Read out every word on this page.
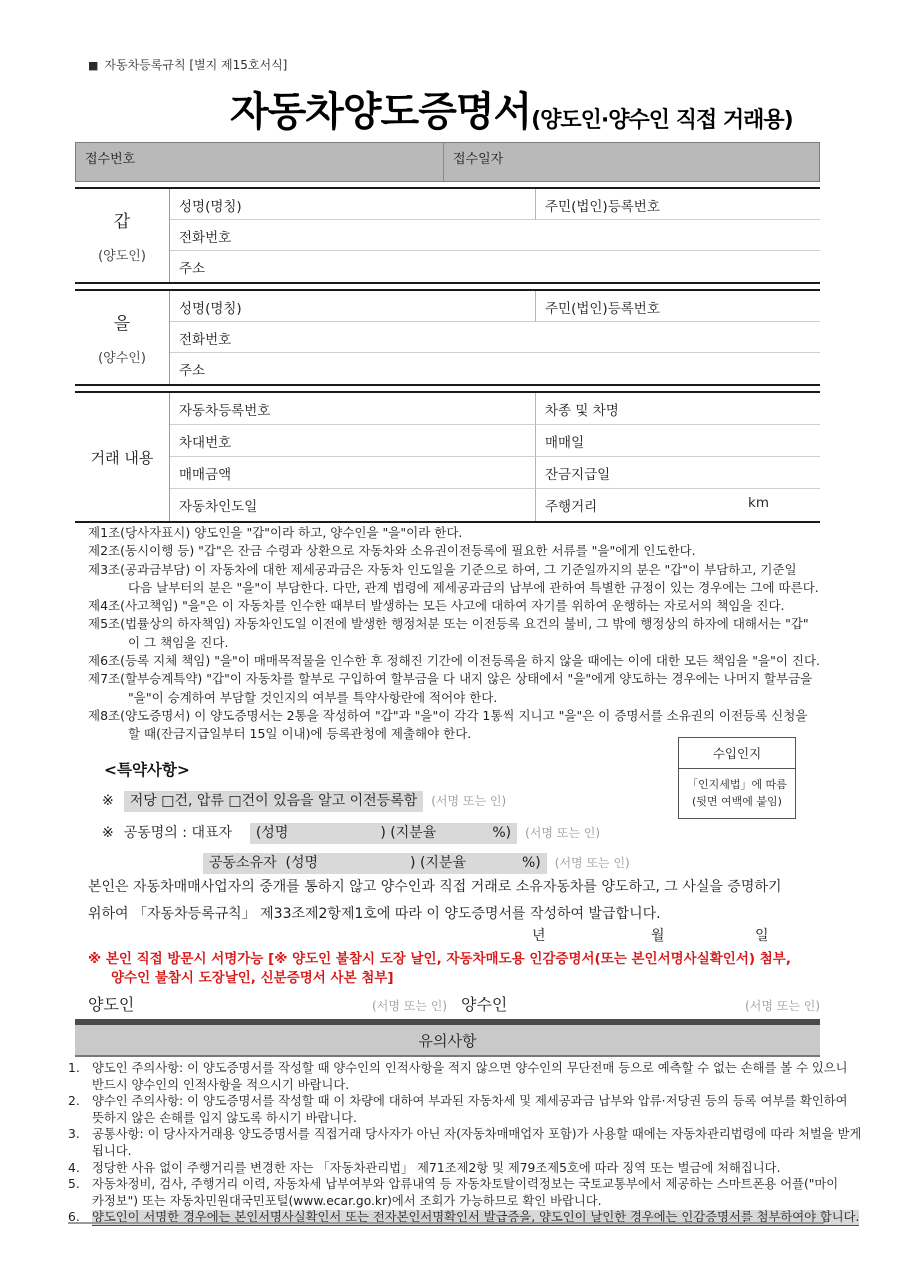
■ 자동차등록규칙 [별지 제15호서식]
자동차양도증명서 (양도인·양수인 직접 거래용)
접수번호	접수일자
갑
(양도인)
성명(명칭)	주민(법인)등록번호
전화번호
주소
을
(양수인)
성명(명칭)	주민(법인)등록번호
전화번호
주소
거래 내용
자동차등록번호	차종 및 차명
차대번호	매매일
매매금액	잔금지급일
자동차인도일	주행거리	km
제1조(당사자표시) 양도인을 "갑"이라 하고, 양수인을 "을"이라 한다.
제2조(동시이행 등) "갑"은 잔금 수령과 상환으로 자동차와 소유권이전등록에 필요한 서류를 "을"에게 인도한다.
제3조(공과금부담) 이 자동차에 대한 제세공과금은 자동차 인도일을 기준으로 하여, 그 기준일까지의 분은 "갑"이 부담하고, 기준일
다음 날부터의 분은 "을"이 부담한다. 다만, 관계 법령에 제세공과금의 납부에 관하여 특별한 규정이 있는 경우에는 그에 따른다.
제4조(사고책임) "을"은 이 자동차를 인수한 때부터 발생하는 모든 사고에 대하여 자기를 위하여 운행하는 자로서의 책임을 진다.
제5조(법률상의 하자책임) 자동차인도일 이전에 발생한 행정처분 또는 이전등록 요건의 불비, 그 밖에 행정상의 하자에 대해서는 "갑"
이 그 책임을 진다.
제6조(등록 지체 책임) "을"이 매매목적물을 인수한 후 정해진 기간에 이전등록을 하지 않을 때에는 이에 대한 모든 책임을 "을"이 진다.
제7조(할부승계특약) "갑"이 자동차를 할부로 구입하여 할부금을 다 내지 않은 상태에서 "을"에게 양도하는 경우에는 나머지 할부금을
"을"이 승계하여 부담할 것인지의 여부를 특약사항란에 적어야 한다.
제8조(양도증명서) 이 양도증명서는 2통을 작성하여 "갑"과 "을"이 각각 1통씩 지니고 "을"은 이 증명서를 소유권의 이전등록 신청을
할 때(잔금지급일부터 15일 이내)에 등록관청에 제출해야 한다.
수입인지
「인지세법」에 따름
(뒷면 여백에 붙임)
<특약사항>
※ 저당 □건, 압류 □건이 있음을 알고 이전등록함 (서명 또는 인)
※ 공동명의 : 대표자 (성명	) (지분율	%) (서명 또는 인)
공동소유자 (성명	) (지분율	%) (서명 또는 인)
본인은 자동차매매사업자의 중개를 통하지 않고 양수인과 직접 거래로 소유자동차를 양도하고, 그 사실을 증명하기
위하여 「자동차등록규칙」 제33조제2항제1호에 따라 이 양도증명서를 작성하여 발급합니다.
년	월	일
※ 본인 직접 방문시 서명가능 [※ 양도인 불참시 도장 날인, 자동차매도용 인감증명서(또는 본인서명사실확인서) 첨부,
양수인 불참시 도장날인, 신분증명서 사본 첨부]
양도인	(서명 또는 인) 양수인	(서명 또는 인)
유의사항
1. 양도인 주의사항: 이 양도증명서를 작성할 때 양수인의 인적사항을 적지 않으면 양수인의 무단전매 등으로 예측할 수 없는 손해를 볼 수 있으니
반드시 양수인의 인적사항을 적으시기 바랍니다.
2. 양수인 주의사항: 이 양도증명서를 작성할 때 이 차량에 대하여 부과된 자동차세 및 제세공과금 납부와 압류·저당권 등의 등록 여부를 확인하여
뜻하지 않은 손해를 입지 않도록 하시기 바랍니다.
3. 공통사항: 이 당사자거래용 양도증명서를 직접거래 당사자가 아닌 자(자동차매매업자 포함)가 사용할 때에는 자동차관리법령에 따라 처벌을 받게
됩니다.
4. 정당한 사유 없이 주행거리를 변경한 자는 「자동차관리법」 제71조제2항 및 제79조제5호에 따라 징역 또는 벌금에 처해집니다.
5. 자동차정비, 검사, 주행거리 이력, 자동차세 납부여부와 압류내역 등 자동차토탈이력정보는 국토교통부에서 제공하는 스마트폰용 어플("마이
카정보") 또는 자동차민원대국민포털(www.ecar.go.kr)에서 조회가 가능하므로 확인 바랍니다.
6. 양도인이 서명한 경우에는 본인서명사실확인서 또는 전자본인서명확인서 발급증을, 양도인이 날인한 경우에는 인감증명서를 첨부하여야 합니다.
